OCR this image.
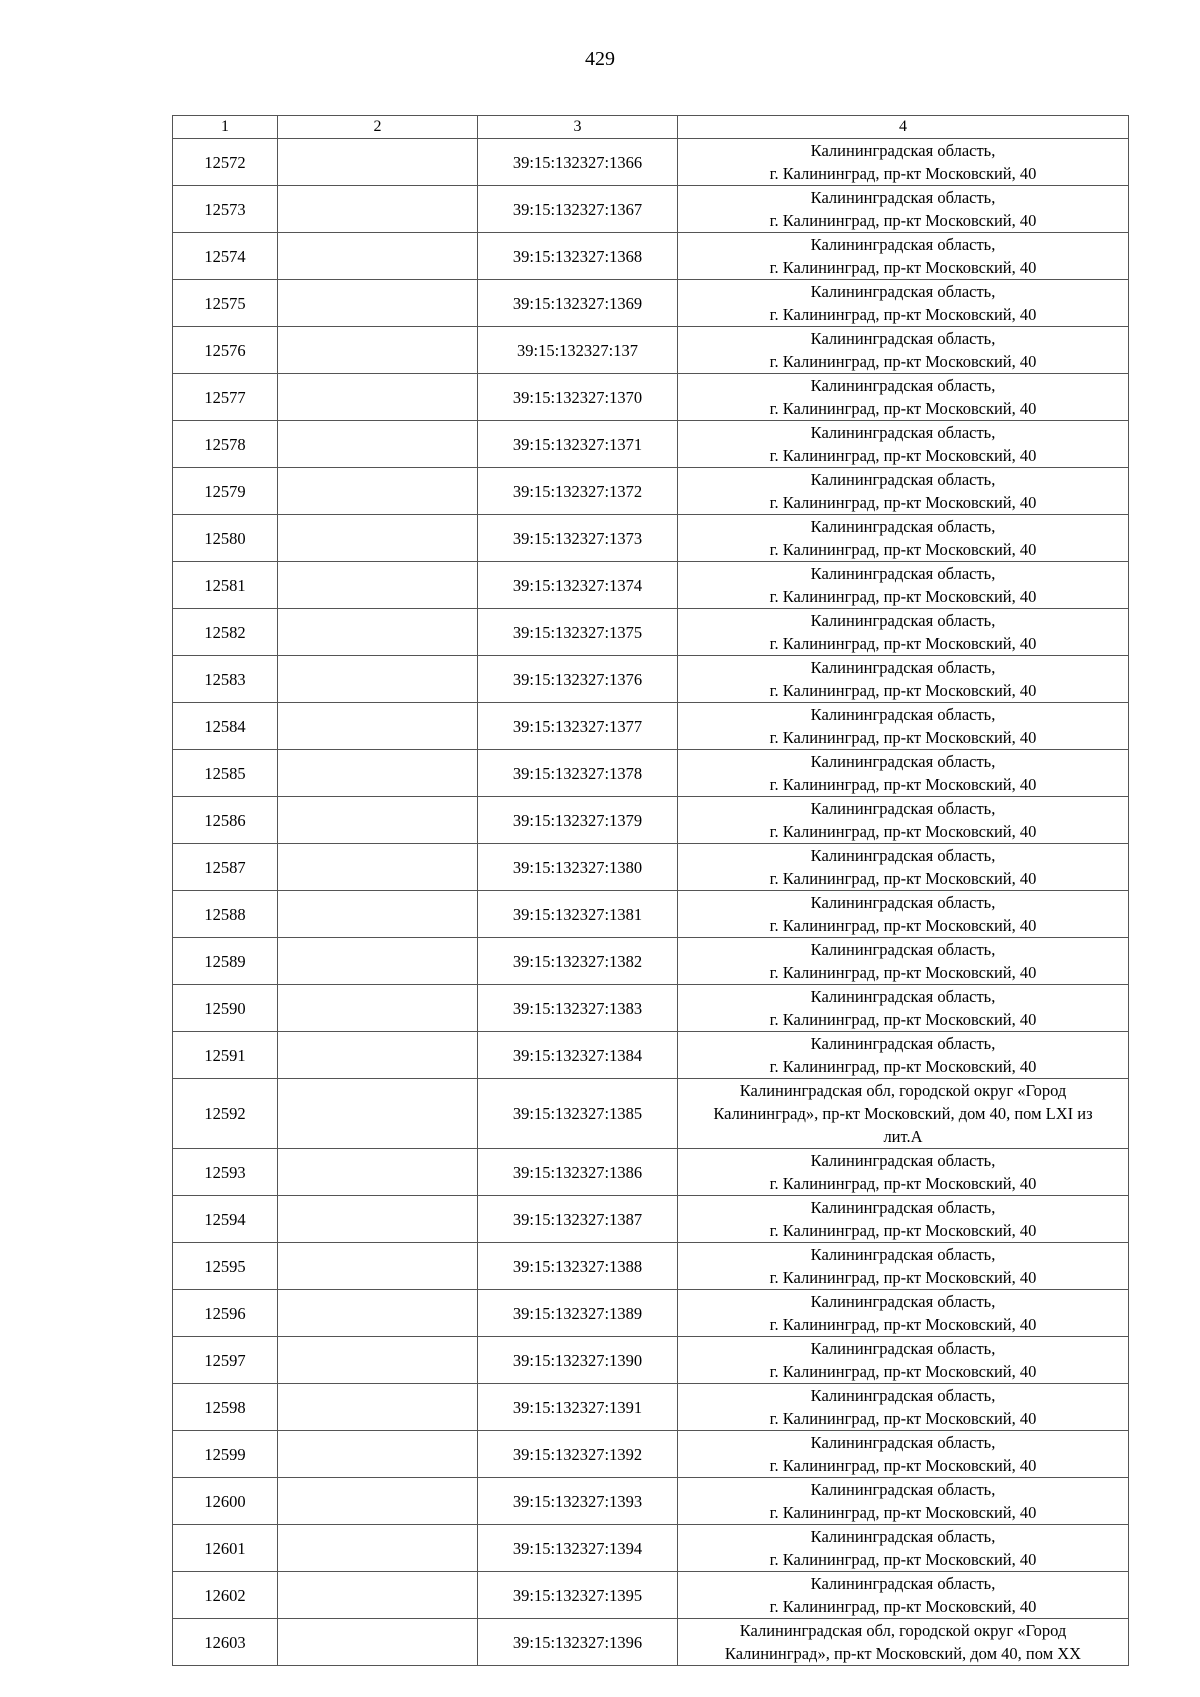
429
1	2	3	4
12572		39:15:132327:1366	Калининградская область,
г. Калининград, пр-кт Московский, 40

12573		39:15:132327:1367	Калининградская область,
г. Калининград, пр-кт Московский, 40

12574		39:15:132327:1368	Калининградская область,
г. Калининград, пр-кт Московский, 40

12575		39:15:132327:1369	Калининградская область,
г. Калининград, пр-кт Московский, 40

12576		39:15:132327:137	Калининградская область,
г. Калининград, пр-кт Московский, 40

12577		39:15:132327:1370	Калининградская область,
г. Калининград, пр-кт Московский, 40

12578		39:15:132327:1371	Калининградская область,
г. Калининград, пр-кт Московский, 40

12579		39:15:132327:1372	Калининградская область,
г. Калининград, пр-кт Московский, 40

12580		39:15:132327:1373	Калининградская область,
г. Калининград, пр-кт Московский, 40

12581		39:15:132327:1374	Калининградская область,
г. Калининград, пр-кт Московский, 40

12582		39:15:132327:1375	Калининградская область,
г. Калининград, пр-кт Московский, 40

12583		39:15:132327:1376	Калининградская область,
г. Калининград, пр-кт Московский, 40

12584		39:15:132327:1377	Калининградская область,
г. Калининград, пр-кт Московский, 40

12585		39:15:132327:1378	Калининградская область,
г. Калининград, пр-кт Московский, 40

12586		39:15:132327:1379	Калининградская область,
г. Калининград, пр-кт Московский, 40

12587		39:15:132327:1380	Калининградская область,
г. Калининград, пр-кт Московский, 40

12588		39:15:132327:1381	Калининградская область,
г. Калининград, пр-кт Московский, 40

12589		39:15:132327:1382	Калининградская область,
г. Калининград, пр-кт Московский, 40

12590		39:15:132327:1383	Калининградская область,
г. Калининград, пр-кт Московский, 40

12591		39:15:132327:1384	Калининградская область,
г. Калининград, пр-кт Московский, 40

12592		39:15:132327:1385	Калининградская обл, городской округ «Город
Калининград», пр-кт Московский, дом 40, пом LXI из
лит.А

12593		39:15:132327:1386	Калининградская область,
г. Калининград, пр-кт Московский, 40

12594		39:15:132327:1387	Калининградская область,
г. Калининград, пр-кт Московский, 40

12595		39:15:132327:1388	Калининградская область,
г. Калининград, пр-кт Московский, 40

12596		39:15:132327:1389	Калининградская область,
г. Калининград, пр-кт Московский, 40

12597		39:15:132327:1390	Калининградская область,
г. Калининград, пр-кт Московский, 40

12598		39:15:132327:1391	Калининградская область,
г. Калининград, пр-кт Московский, 40

12599		39:15:132327:1392	Калининградская область,
г. Калининград, пр-кт Московский, 40

12600		39:15:132327:1393	Калининградская область,
г. Калининград, пр-кт Московский, 40

12601		39:15:132327:1394	Калининградская область,
г. Калининград, пр-кт Московский, 40

12602		39:15:132327:1395	Калининградская область,
г. Калининград, пр-кт Московский, 40

12603		39:15:132327:1396	Калининградская обл, городской округ «Город
Калининград», пр-кт Московский, дом 40, пом XX
